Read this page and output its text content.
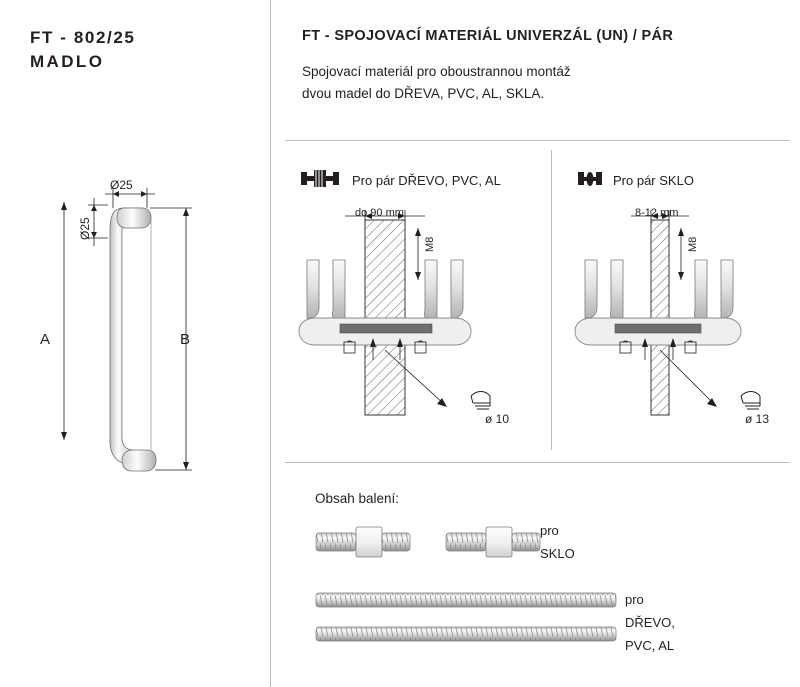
FT - 802/25
MADLO
FT - SPOJOVACÍ MATERIÁL UNIVERZÁL (UN) / PÁR
Spojovací materiál pro oboustrannou montáž
dvou madel do DŘEVA, PVC, AL, SKLA.
Ø25
Ø25
A	B
Pro pár DŘEVO, PVC, AL
do 90 mm
M8
ø 10
Pro pár SKLO
8-12 mm
M8
ø 13
Obsah balení:
pro
SKLO
pro
DŘEVO,
PVC, AL
